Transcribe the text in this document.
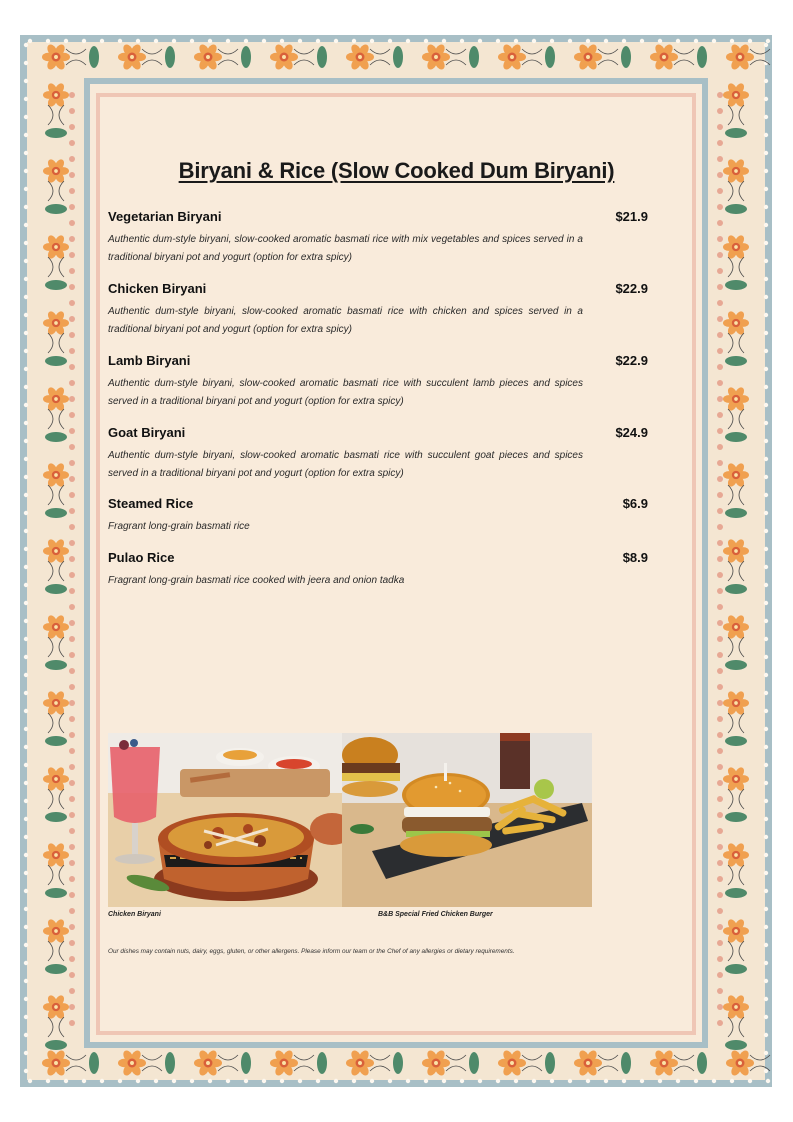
Biryani & Rice (Slow Cooked Dum Biryani)
Vegetarian Biryani	$21.9
Authentic dum-style biryani, slow-cooked aromatic basmati rice with mix vegetables and spices served in a traditional biryani pot and yogurt (option for extra spicy)
Chicken Biryani	$22.9
Authentic dum-style biryani, slow-cooked aromatic basmati rice with chicken and spices served in a traditional biryani pot and yogurt (option for extra spicy)
Lamb Biryani	$22.9
Authentic dum-style biryani, slow-cooked aromatic basmati rice with succulent lamb pieces and spices served in a traditional biryani pot and yogurt (option for extra spicy)
Goat Biryani	$24.9
Authentic dum-style biryani, slow-cooked aromatic basmati rice with succulent goat pieces and spices served in a traditional biryani pot and yogurt (option for extra spicy)
Steamed Rice	$6.9
Fragrant long-grain basmati rice
Pulao Rice	$8.9
Fragrant long-grain basmati rice cooked with jeera and onion tadka
Chicken Biryani	B&B Special Fried Chicken Burger
Our dishes may contain nuts, dairy, eggs, gluten, or other allergens. Please inform our team or the Chef of any allergies or dietary requirements.
